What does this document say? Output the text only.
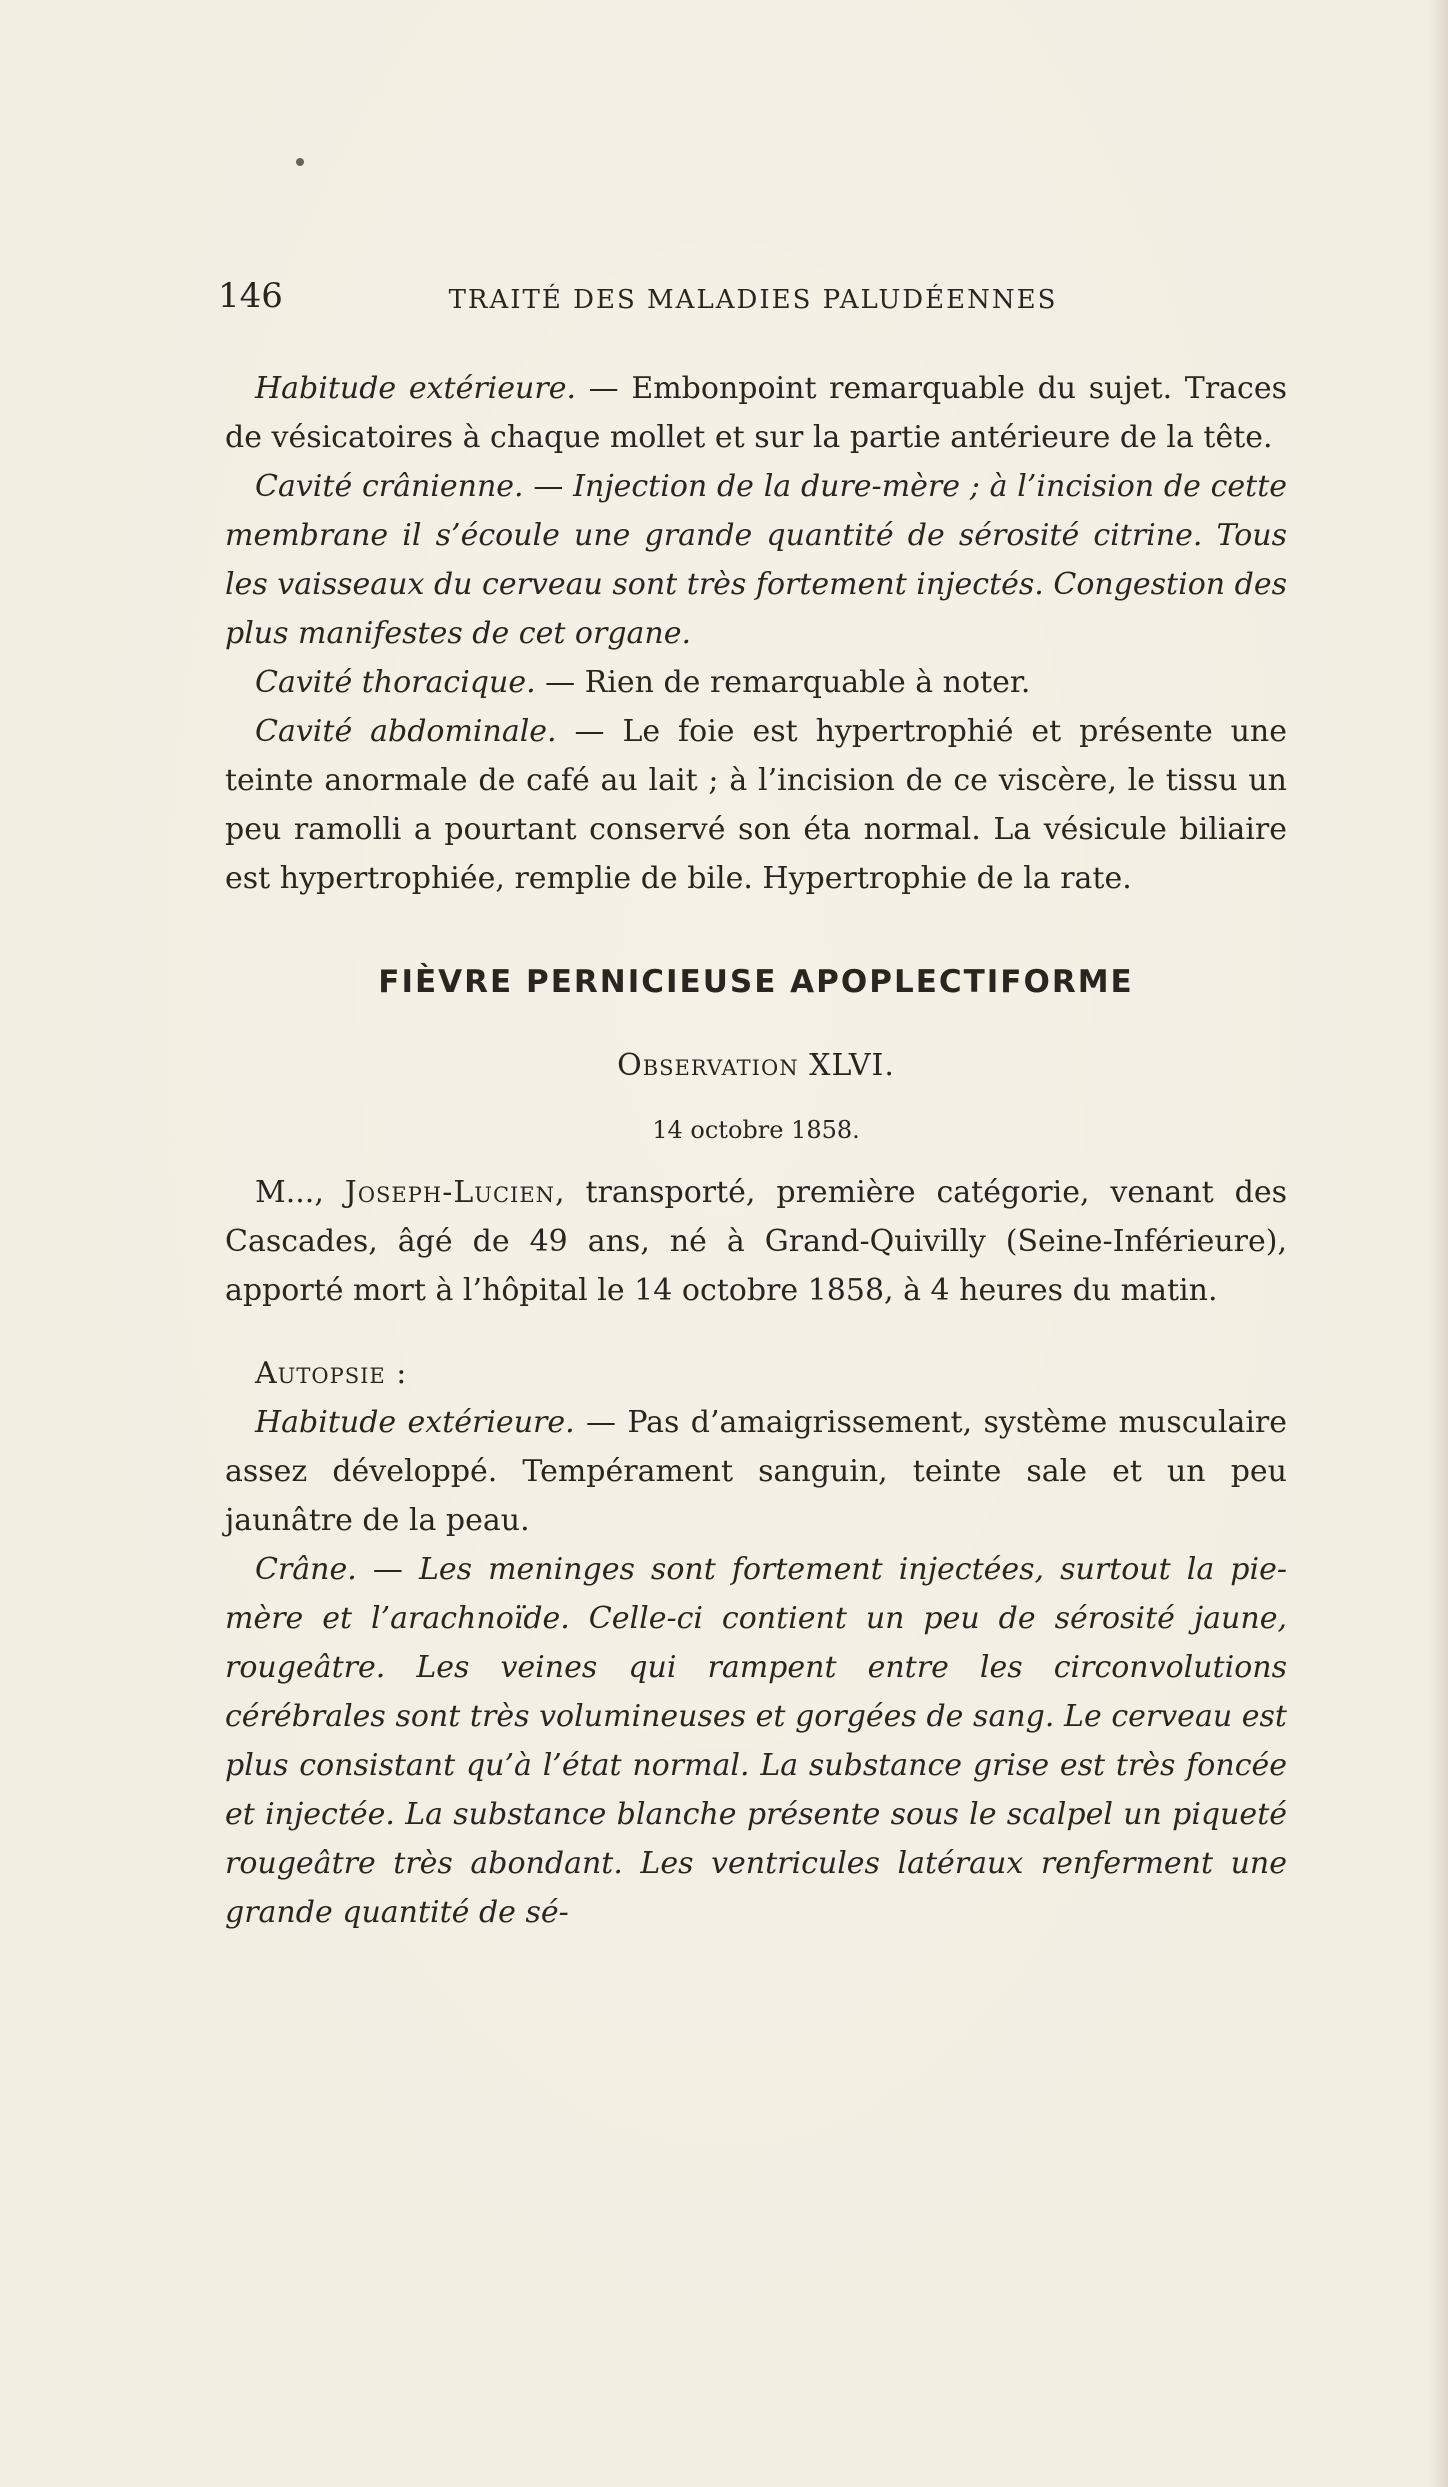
146	TRAITÉ DES MALADIES PALUDÉENNES

Habitude extérieure. — Embonpoint remarquable du sujet. Traces de vésicatoires à chaque mollet et sur la partie antérieure de la tête.

Cavité crânienne. — Injection de la dure-mère ; à l’incision de cette membrane il s’écoule une grande quantité de sérosité citrine. Tous les vaisseaux du cerveau sont très fortement injectés. Congestion des plus manifestes de cet organe.

Cavité thoracique. — Rien de remarquable à noter.

Cavité abdominale. — Le foie est hypertrophié et présente une teinte anormale de café au lait ; à l’incision de ce viscère, le tissu un peu ramolli a pourtant conservé son éta normal. La vésicule biliaire est hypertrophiée, remplie de bile. Hypertrophie de la rate.

FIÈVRE PERNICIEUSE APOPLECTIFORME
Observation XLVI.
14 octobre 1858.

M..., Joseph-Lucien, transporté, première catégorie, venant des Cascades, âgé de 49 ans, né à Grand-Quivilly (Seine-Inférieure), apporté mort à l’hôpital le 14 octobre 1858, à 4 heures du matin.

Autopsie :

Habitude extérieure. — Pas d’amaigrissement, système musculaire assez développé. Tempérament sanguin, teinte sale et un peu jaunâtre de la peau.

Crâne. — Les meninges sont fortement injectées, surtout la pie-mère et l’arachnoïde. Celle-ci contient un peu de sérosité jaune, rougeâtre. Les veines qui rampent entre les circonvolutions cérébrales sont très volumineuses et gorgées de sang. Le cerveau est plus consistant qu’à l’état normal. La substance grise est très foncée et injectée. La substance blanche présente sous le scalpel un piqueté rougeâtre très abondant. Les ventricules latéraux renferment une grande quantité de sé-
